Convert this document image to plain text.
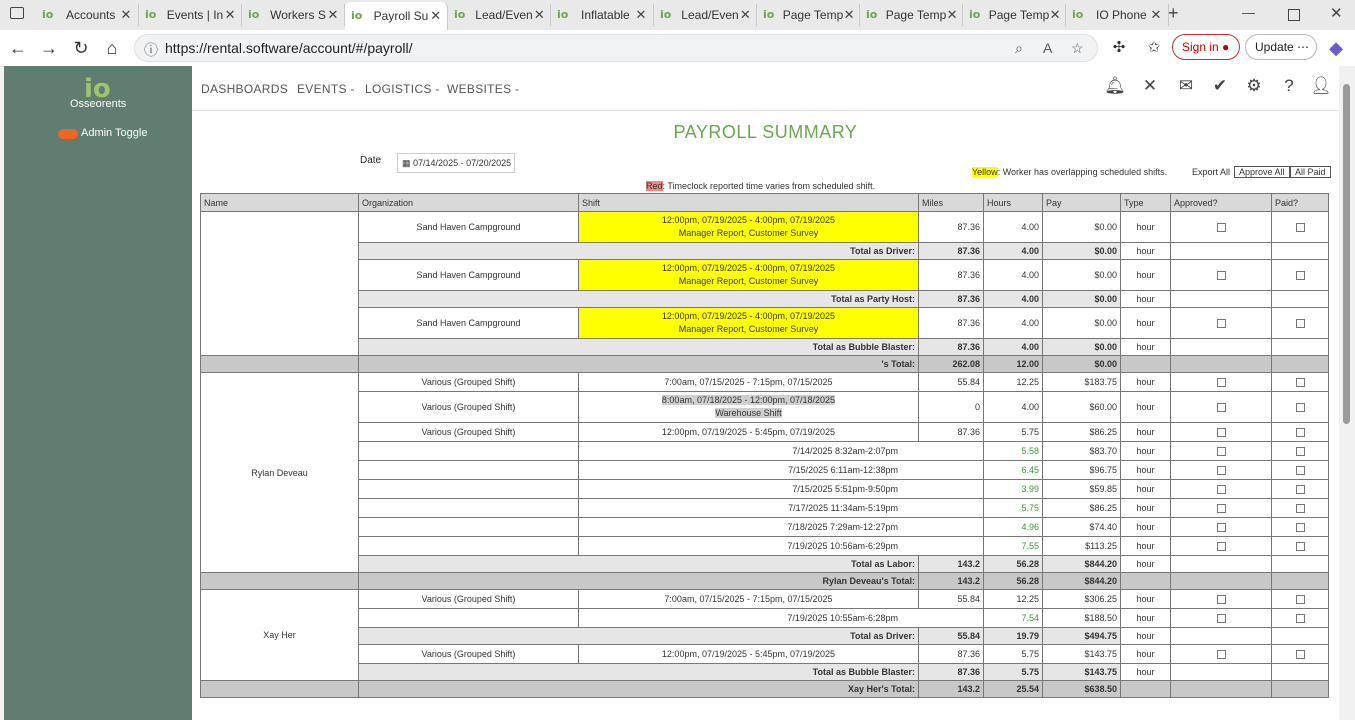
io	Accounts ✕ io Events | In ✕ io Workers S ✕ io Payroll Su ✕ io Lead/Even ✕ io	Inflatable ✕ io Lead/Even ✕ io Page Temp ✕ io Page Temp ✕ io Page Temp ✕ io	IO Phone ✕ +	—	✕
← → ↻	⌂	ⓘ https://rental.software/account/#/payroll/	⌕ A ☆	✣	✩	Sign in ●	Update ⋯	◆
io
Osseorents
Admin Toggle
DASHBOARDS EVENTS - LOGISTICS - WEBSITES -	🔔︎ ✕ ✉ ✔ ⚙	? 👤︎
PAYROLL SUMMARY
Date	▦ 07/14/2025 - 07/20/2025
Yellow: Worker has overlapping scheduled shifts.	Export All Approve All	All Paid
Red: Timeclock reported time varies from scheduled shift.
Name	Organization	Shift	Miles	Hours	Pay	Type	Approved?	Paid?
	Sand Haven Campground	12:00pm, 07/19/2025 - 4:00pm, 07/19/2025
Manager Report, Customer Survey	87.36	4.00	$0.00	hour		
	Total as Driver:		87.36	4.00	$0.00	hour		
	Sand Haven Campground	12:00pm, 07/19/2025 - 4:00pm, 07/19/2025
Manager Report, Customer Survey	87.36	4.00	$0.00	hour		
	Total as Party Host:		87.36	4.00	$0.00	hour		
	Sand Haven Campground	12:00pm, 07/19/2025 - 4:00pm, 07/19/2025
Manager Report, Customer Survey	87.36	4.00	$0.00	hour		
	Total as Bubble Blaster:		87.36	4.00	$0.00	hour		
	's Total:		262.08	12.00	$0.00			
Rylan Deveau	Various (Grouped Shift)	7:00am, 07/15/2025 - 7:15pm, 07/15/2025	55.84	12.25	$183.75	hour		
	Various (Grouped Shift)	8:00am, 07/18/2025 - 12:00pm, 07/18/2025
Warehouse Shift	0	4.00	$60.00	hour		
	Various (Grouped Shift)	12:00pm, 07/19/2025 - 5:45pm, 07/19/2025	87.36	5.75	$86.25	hour		
		7/14/2025 8:32am-2:07pm		5.58	$83.70	hour		
		7/15/2025 6:11am-12:38pm		6.45	$96.75	hour		
		7/15/2025 5:51pm-9:50pm		3.99	$59.85	hour		
		7/17/2025 11:34am-5:19pm		5.75	$86.25	hour		
		7/18/2025 7:29am-12:27pm		4.96	$74.40	hour		
		7/19/2025 10:56am-6:29pm		7.55	$113.25	hour		
	Total as Labor:		143.2	56.28	$844.20	hour		
	Rylan Deveau's Total:		143.2	56.28	$844.20			
Xay Her	Various (Grouped Shift)	7:00am, 07/15/2025 - 7:15pm, 07/15/2025	55.84	12.25	$306.25	hour		
		7/19/2025 10:55am-6:28pm		7.54	$188.50	hour		
	Total as Driver:		55.84	19.79	$494.75	hour		
	Various (Grouped Shift)	12:00pm, 07/19/2025 - 5:45pm, 07/19/2025	87.36	5.75	$143.75	hour		
	Total as Bubble Blaster:		87.36	5.75	$143.75	hour		
	Xay Her's Total:		143.2	25.54	$638.50			
